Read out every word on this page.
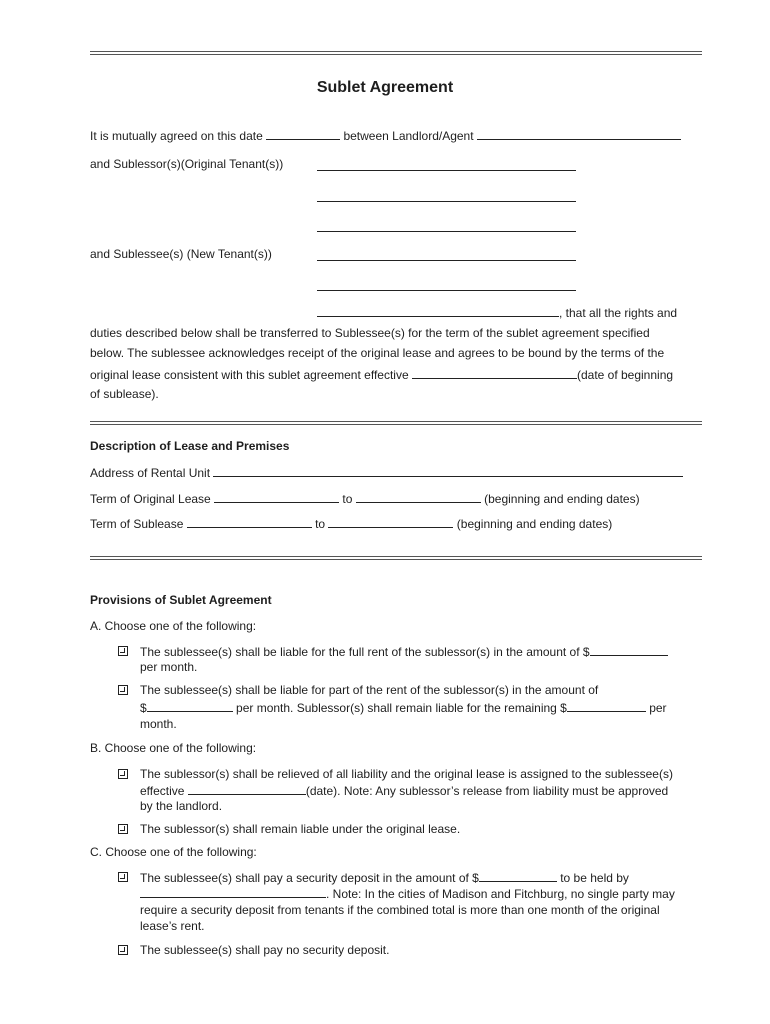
Sublet Agreement
It is mutually agreed on this date	between Landlord/Agent
and Sublessor(s)(Original Tenant(s))
and Sublessee(s) (New Tenant(s))
, that all the rights and
duties described below shall be transferred to Sublessee(s) for the term of the sublet agreement specified
below. The sublessee acknowledges receipt of the original lease and agrees to be bound by the terms of the
original lease consistent with this sublet agreement effective	(date of beginning
of sublease).
Description of Lease and Premises
Address of Rental Unit
Term of Original Lease	to	(beginning and ending dates)
Term of Sublease	to	(beginning and ending dates)
Provisions of Sublet Agreement
A. Choose one of the following:
The sublessee(s) shall be liable for the full rent of the sublessor(s) in the amount of $
per month.
The sublessee(s) shall be liable for part of the rent of the sublessor(s) in the amount of
$	per month. Sublessor(s) shall remain liable for the remaining $	per
month.
B. Choose one of the following:
The sublessor(s) shall be relieved of all liability and the original lease is assigned to the sublessee(s)
effective	(date). Note: Any sublessor’s release from liability must be approved
by the landlord.
The sublessor(s) shall remain liable under the original lease.
C. Choose one of the following:
The sublessee(s) shall pay a security deposit in the amount of $	to be held by
. Note: In the cities of Madison and Fitchburg, no single party may
require a security deposit from tenants if the combined total is more than one month of the original
lease’s rent.
The sublessee(s) shall pay no security deposit.
